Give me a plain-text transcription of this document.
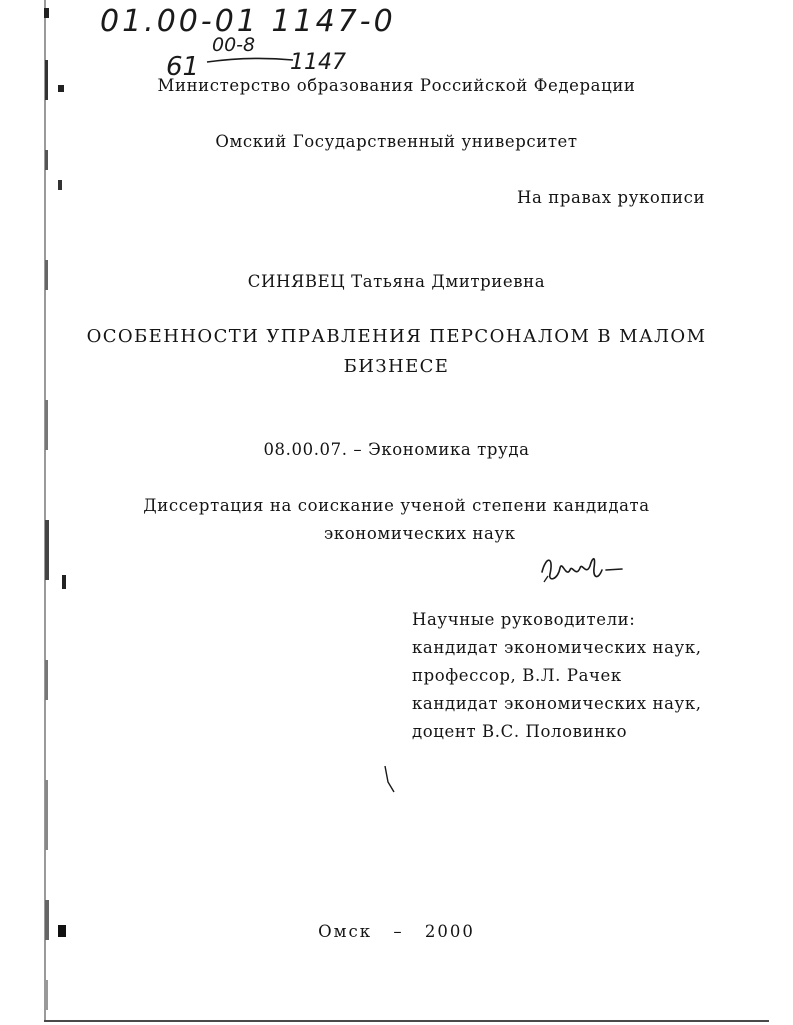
01.00-01 1147-0
61
00-8
1147
Министерство образования Российской Федерации
Омский Государственный университет
На правах рукописи
СИНЯВЕЦ Татьяна Дмитриевна
ОСОБЕННОСТИ УПРАВЛЕНИЯ ПЕРСОНАЛОМ В МАЛОМ
БИЗНЕСЕ
08.00.07. – Экономика труда
Диссертация на соискание ученой степени кандидата
экономических наук
Научные руководители:
кандидат экономических наук,
профессор, В.Л. Рачек
кандидат экономических наук,
доцент В.С. Половинко
Омск – 2000
